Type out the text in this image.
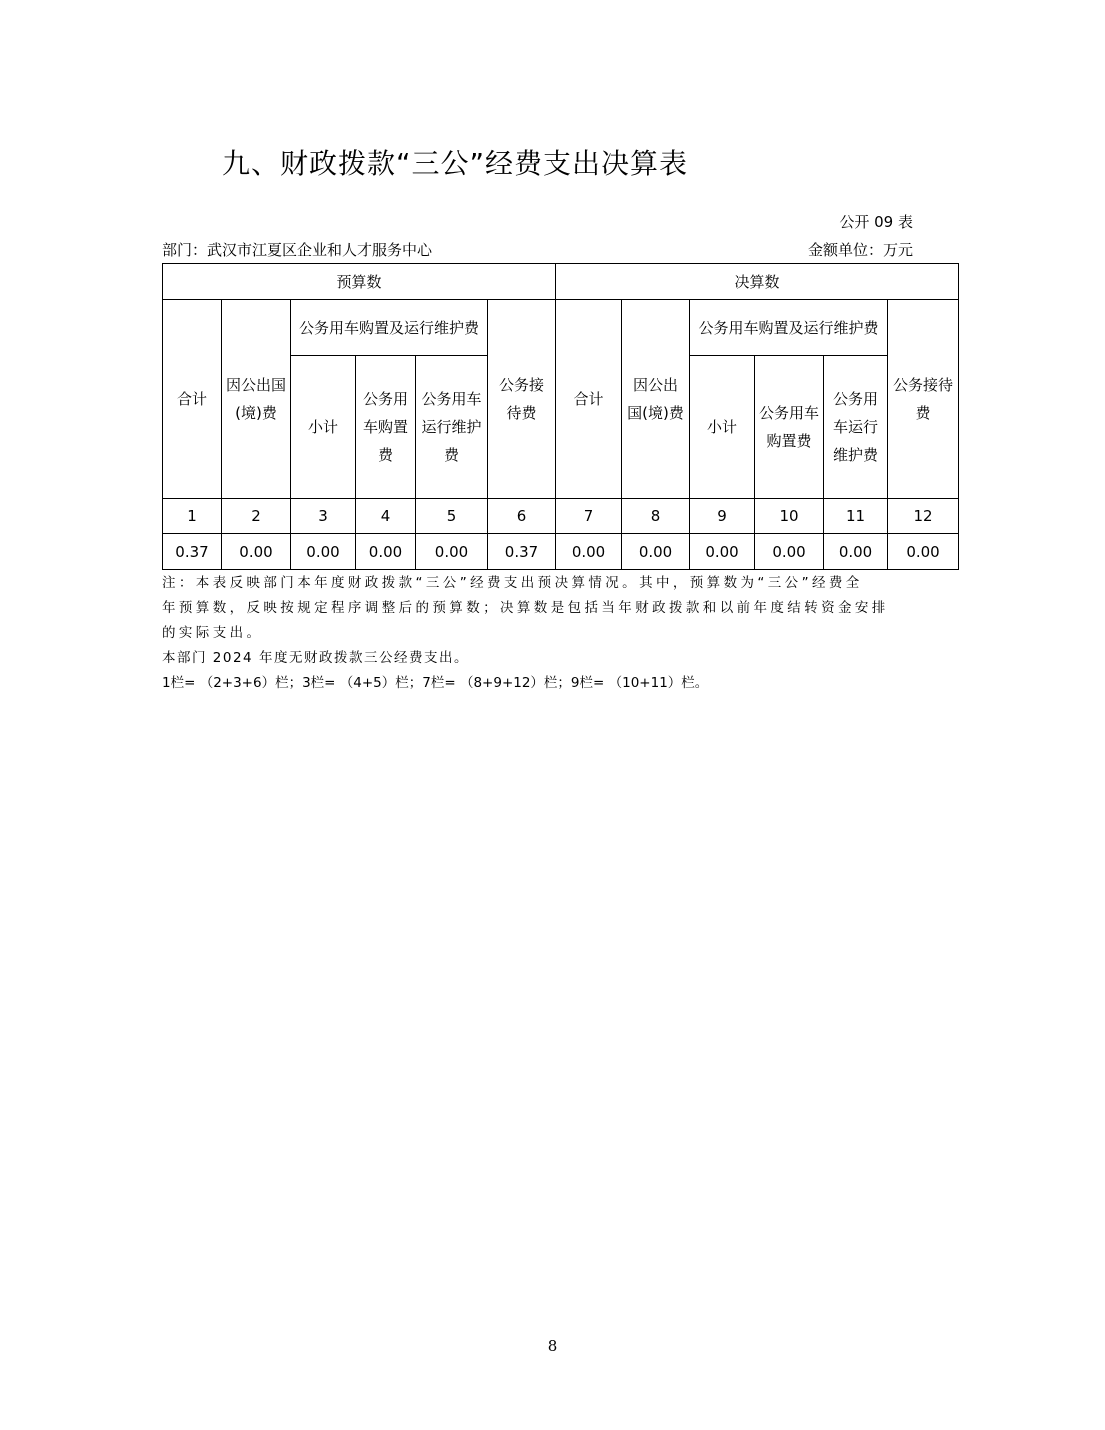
九、财政拨款“三公”经费支出决算表
公开 09 表
部门：武汉市江夏区企业和人才服务中心	金额单位：万元
预算数						决算数					
合计	因公出国(境)费	公务用车购置及运行维护费			公务接待费	合计	因公出国(境)费	公务用车购置及运行维护费			公务接待费
		小计	公务用车购置费	公务用车运行维护费				小计	公务用车购置费	公务用车运行维护费	
1	2	3	4	5	6	7	8	9	10	11	12
0.37	0.00	0.00	0.00	0.00	0.37	0.00	0.00	0.00	0.00	0.00	0.00

注：本表反映部门本年度财政拨款“三公”经费支出预决算情况。其中，预算数为“三公”经费全

年预算数，反映按规定程序调整后的预算数；决算数是包括当年财政拨款和以前年度结转资金安排

的实际支出。

本部门 2024 年度无财政拨款三公经费支出。

1栏= （2+3+6）栏；3栏= （4+5）栏；7栏= （8+9+12）栏；9栏= （10+11）栏。

8
